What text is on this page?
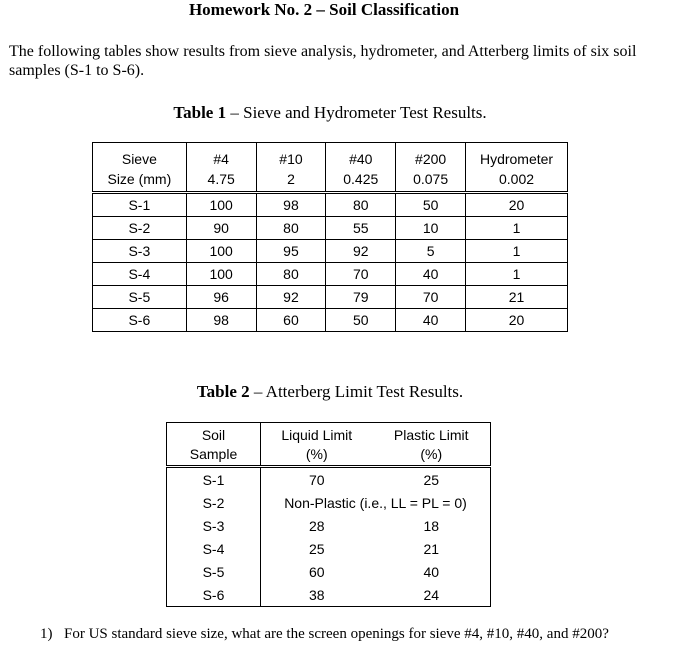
Homework No. 2 – Soil Classification
The following tables show results from sieve analysis, hydrometer, and Atterberg limits of six soil samples (S-1 to S-6).
Table 1 – Sieve and Hydrometer Test Results.
Sieve	#4	#10	#40	#200	Hydrometer
Size (mm)	4.75	2	0.425	0.075	0.002
S-1	100	98	80	50	20
S-2	90	80	55	10	1
S-3	100	95	92	5	1
S-4	100	80	70	40	1
S-5	96	92	79	70	21
S-6	98	60	50	40	20
Table 2 – Atterberg Limit Test Results.
Soil	Liquid Limit	Plastic Limit
Sample	(%)	(%)
S-1	70	25
S-2	Non-Plastic (i.e., LL = PL = 0)	
S-3	28	18
S-4	25	21
S-5	60	40
S-6	38	24
1) For US standard sieve size, what are the screen openings for sieve #4, #10, #40, and #200?
